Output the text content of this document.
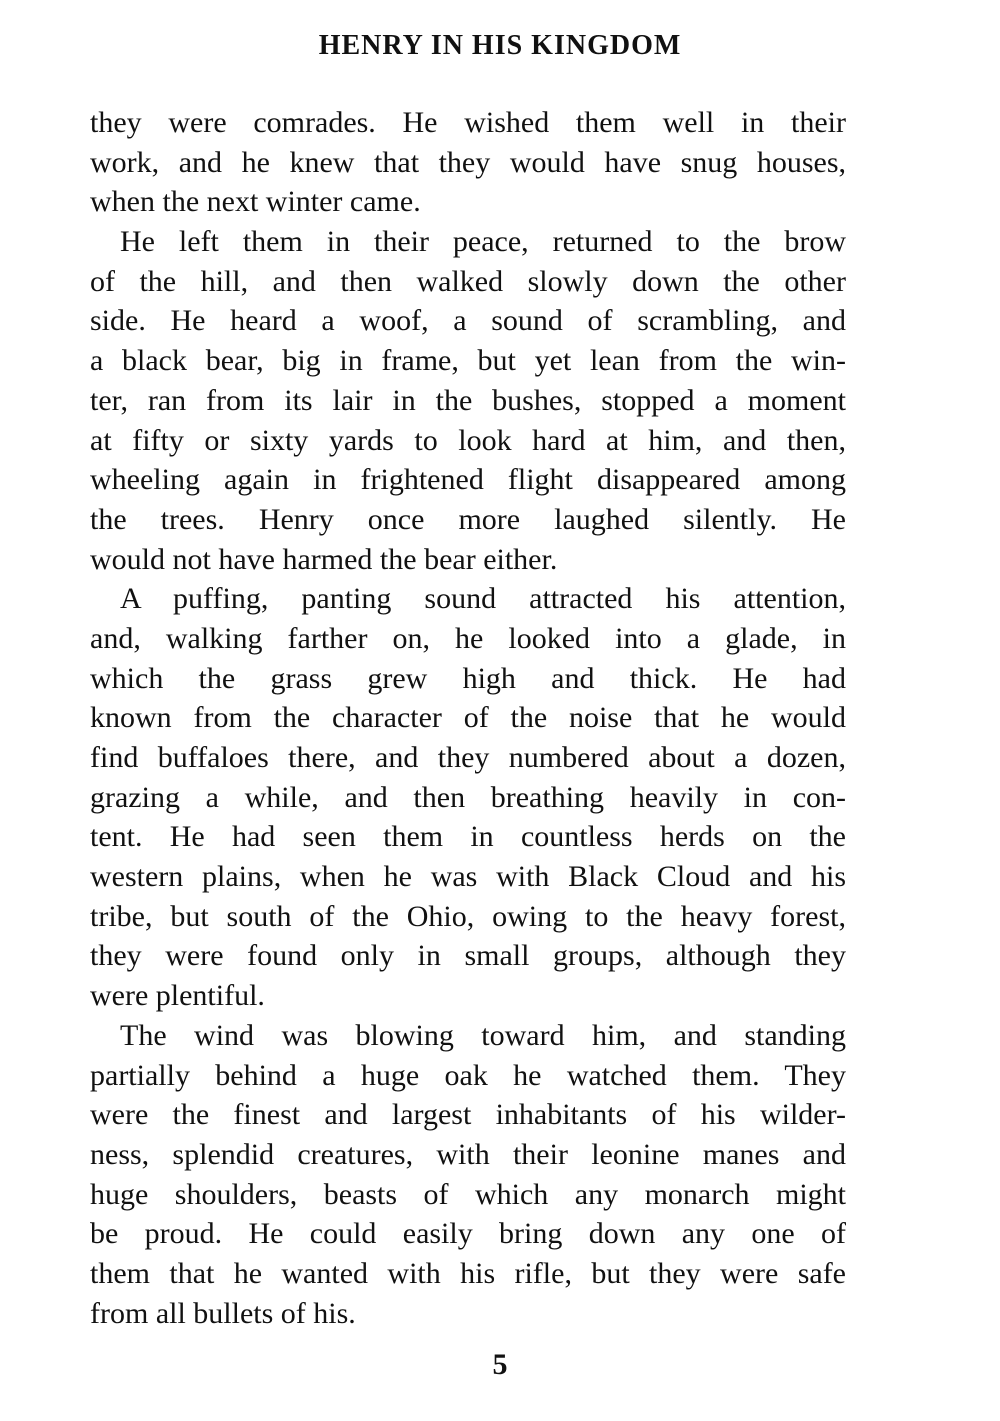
HENRY IN HIS KINGDOM
they were comrades. He wished them well in their
work, and he knew that they would have snug houses,
when the next winter came.
He left them in their peace, returned to the brow
of the hill, and then walked slowly down the other
side. He heard a woof, a sound of scrambling, and
a black bear, big in frame, but yet lean from the win-
ter, ran from its lair in the bushes, stopped a moment
at fifty or sixty yards to look hard at him, and then,
wheeling again in frightened flight disappeared among
the trees. Henry once more laughed silently. He
would not have harmed the bear either.
A puffing, panting sound attracted his attention,
and, walking farther on, he looked into a glade, in
which the grass grew high and thick. He had
known from the character of the noise that he would
find buffaloes there, and they numbered about a dozen,
grazing a while, and then breathing heavily in con-
tent. He had seen them in countless herds on the
western plains, when he was with Black Cloud and his
tribe, but south of the Ohio, owing to the heavy forest,
they were found only in small groups, although they
were plentiful.
The wind was blowing toward him, and standing
partially behind a huge oak he watched them. They
were the finest and largest inhabitants of his wilder-
ness, splendid creatures, with their leonine manes and
huge shoulders, beasts of which any monarch might
be proud. He could easily bring down any one of
them that he wanted with his rifle, but they were safe
from all bullets of his.
5
